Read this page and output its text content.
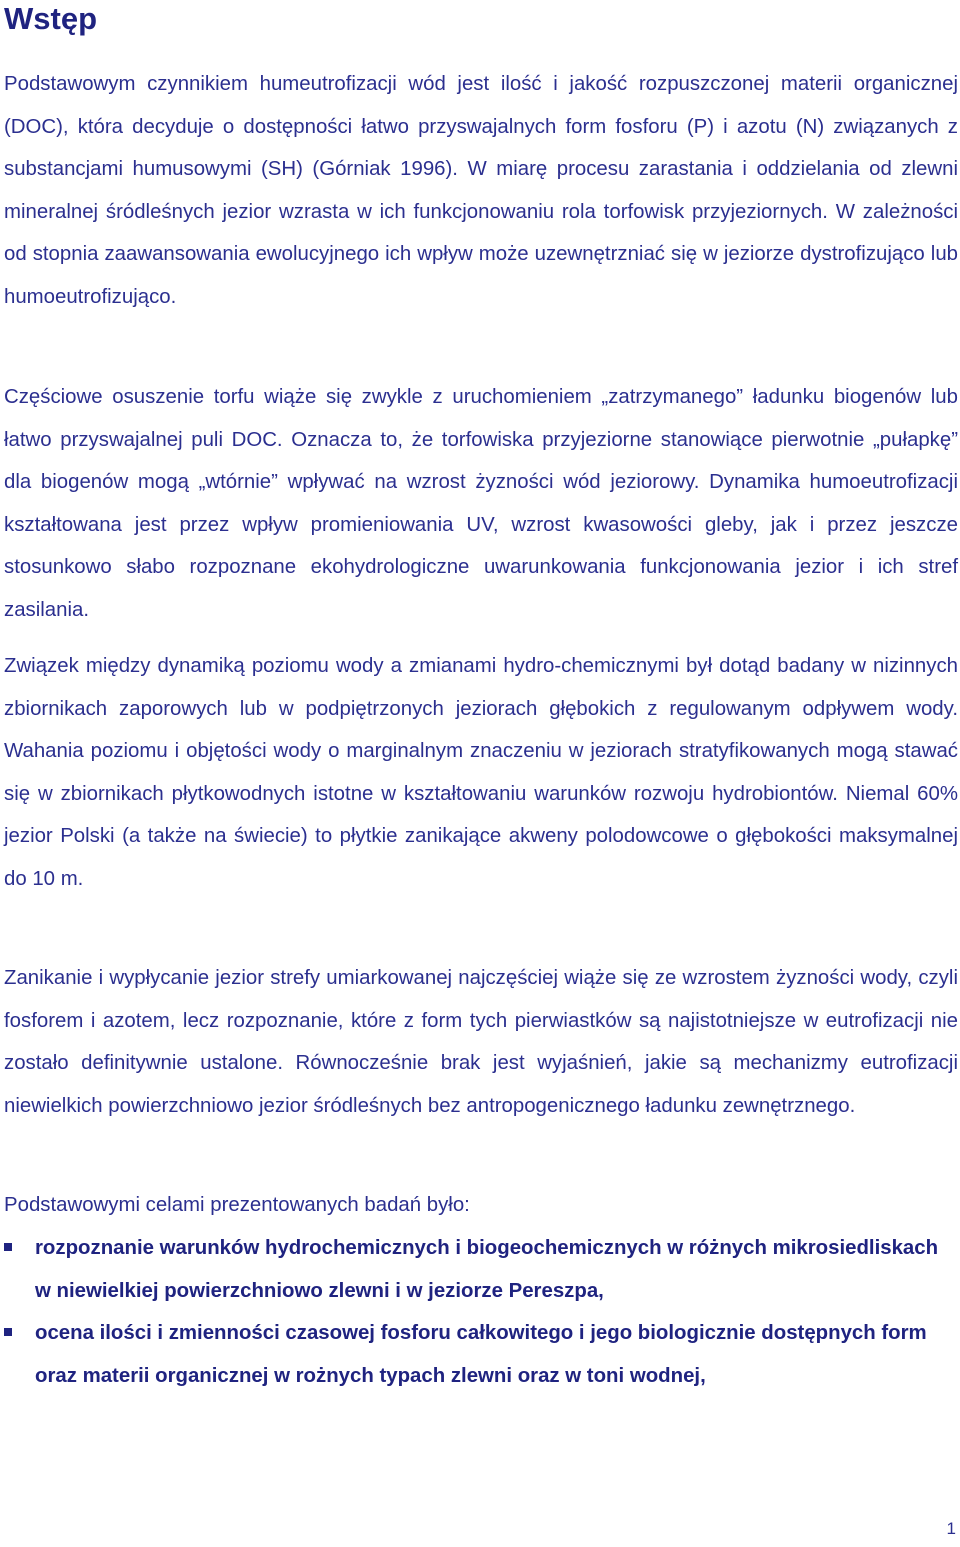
Wstęp

Podstawowym czynnikiem humeutrofizacji wód jest ilość i jakość rozpuszczonej materii organicznej (DOC), która decyduje o dostępności łatwo przyswajalnych form fosforu (P) i azotu (N) związanych z substancjami humusowymi (SH) (Górniak 1996). W miarę procesu zarastania i oddzielania od zlewni mineralnej śródleśnych jezior wzrasta w ich funkcjonowaniu rola torfowisk przyjeziornych. W zależności od stopnia zaawansowania ewolucyjnego ich wpływ może uzewnętrzniać się w jeziorze dystrofizująco lub humoeutrofizująco.

Częściowe osuszenie torfu wiąże się zwykle z uruchomieniem „zatrzymanego” ładunku biogenów lub łatwo przyswajalnej puli DOC. Oznacza to, że torfowiska przyjeziorne stanowiące pierwotnie „pułapkę” dla biogenów mogą „wtórnie” wpływać na wzrost żyzności wód jeziorowy. Dynamika humoeutrofizacji kształtowana jest przez wpływ promieniowania UV, wzrost kwasowości gleby, jak i przez jeszcze stosunkowo słabo rozpoznane ekohydrologiczne uwarunkowania funkcjonowania jezior i ich stref zasilania.

Związek między dynamiką poziomu wody a zmianami hydro-chemicznymi był dotąd badany w nizinnych zbiornikach zaporowych lub w podpiętrzonych jeziorach głębokich z regulowanym odpływem wody. Wahania poziomu i objętości wody o marginalnym znaczeniu w jeziorach stratyfikowanych mogą stawać się w zbiornikach płytkowodnych istotne w kształtowaniu warunków rozwoju hydrobiontów. Niemal 60% jezior Polski (a także na świecie) to płytkie zanikające akweny polodowcowe o głębokości maksymalnej do 10 m.

Zanikanie i wypłycanie jezior strefy umiarkowanej najczęściej wiąże się ze wzrostem żyzności wody, czyli fosforem i azotem, lecz rozpoznanie, które z form tych pierwiastków są najistotniejsze w eutrofizacji nie zostało definitywnie ustalone. Równocześnie brak jest wyjaśnień, jakie są mechanizmy eutrofizacji niewielkich powierzchniowo jezior śródleśnych bez antropogenicznego ładunku zewnętrznego.

Podstawowymi celami prezentowanych badań było:

rozpoznanie warunków hydrochemicznych i biogeochemicznych w różnych mikrosiedliskach w niewielkiej powierzchniowo zlewni i w jeziorze Pereszpa,
ocena ilości i zmienności czasowej fosforu całkowitego i jego biologicznie dostępnych form oraz materii organicznej w rożnych typach zlewni oraz w toni wodnej,
1
